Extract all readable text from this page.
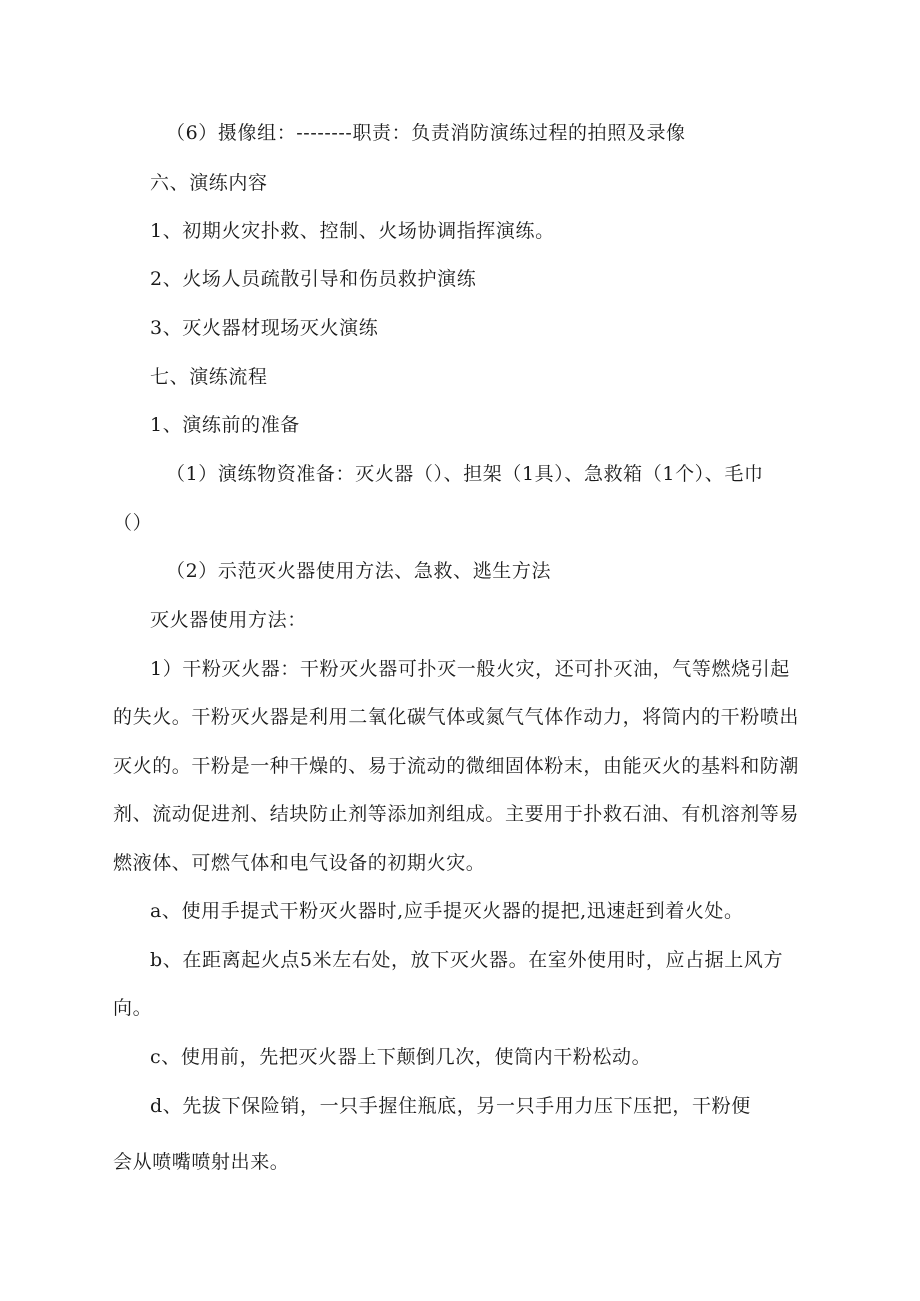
（6）摄像组：--------职责：负责消防演练过程的拍照及录像
六、演练内容
1、初期火灾扑救、控制、火场协调指挥演练。
2、火场人员疏散引导和伤员救护演练
3、灭火器材现场灭火演练
七、演练流程
1、演练前的准备
（1）演练物资准备：灭火器（）、担架（1具）、急救箱（1个）、毛巾
（）
（2）示范灭火器使用方法、急救、逃生方法
灭火器使用方法：
1）干粉灭火器：干粉灭火器可扑灭一般火灾，还可扑灭油，气等燃烧引起
的失火。干粉灭火器是利用二氧化碳气体或氮气气体作动力，将筒内的干粉喷出
灭火的。干粉是一种干燥的、易于流动的微细固体粉末，由能灭火的基料和防潮
剂、流动促进剂、结块防止剂等添加剂组成。主要用于扑救石油、有机溶剂等易
燃液体、可燃气体和电气设备的初期火灾。
a、使用手提式干粉灭火器时,应手提灭火器的提把,迅速赶到着火处。
b、在距离起火点5米左右处，放下灭火器。在室外使用时，应占据上风方
向。
c、使用前，先把灭火器上下颠倒几次，使筒内干粉松动。
d、先拔下保险销，一只手握住瓶底，另一只手用力压下压把，干粉便
会从喷嘴喷射出来。
